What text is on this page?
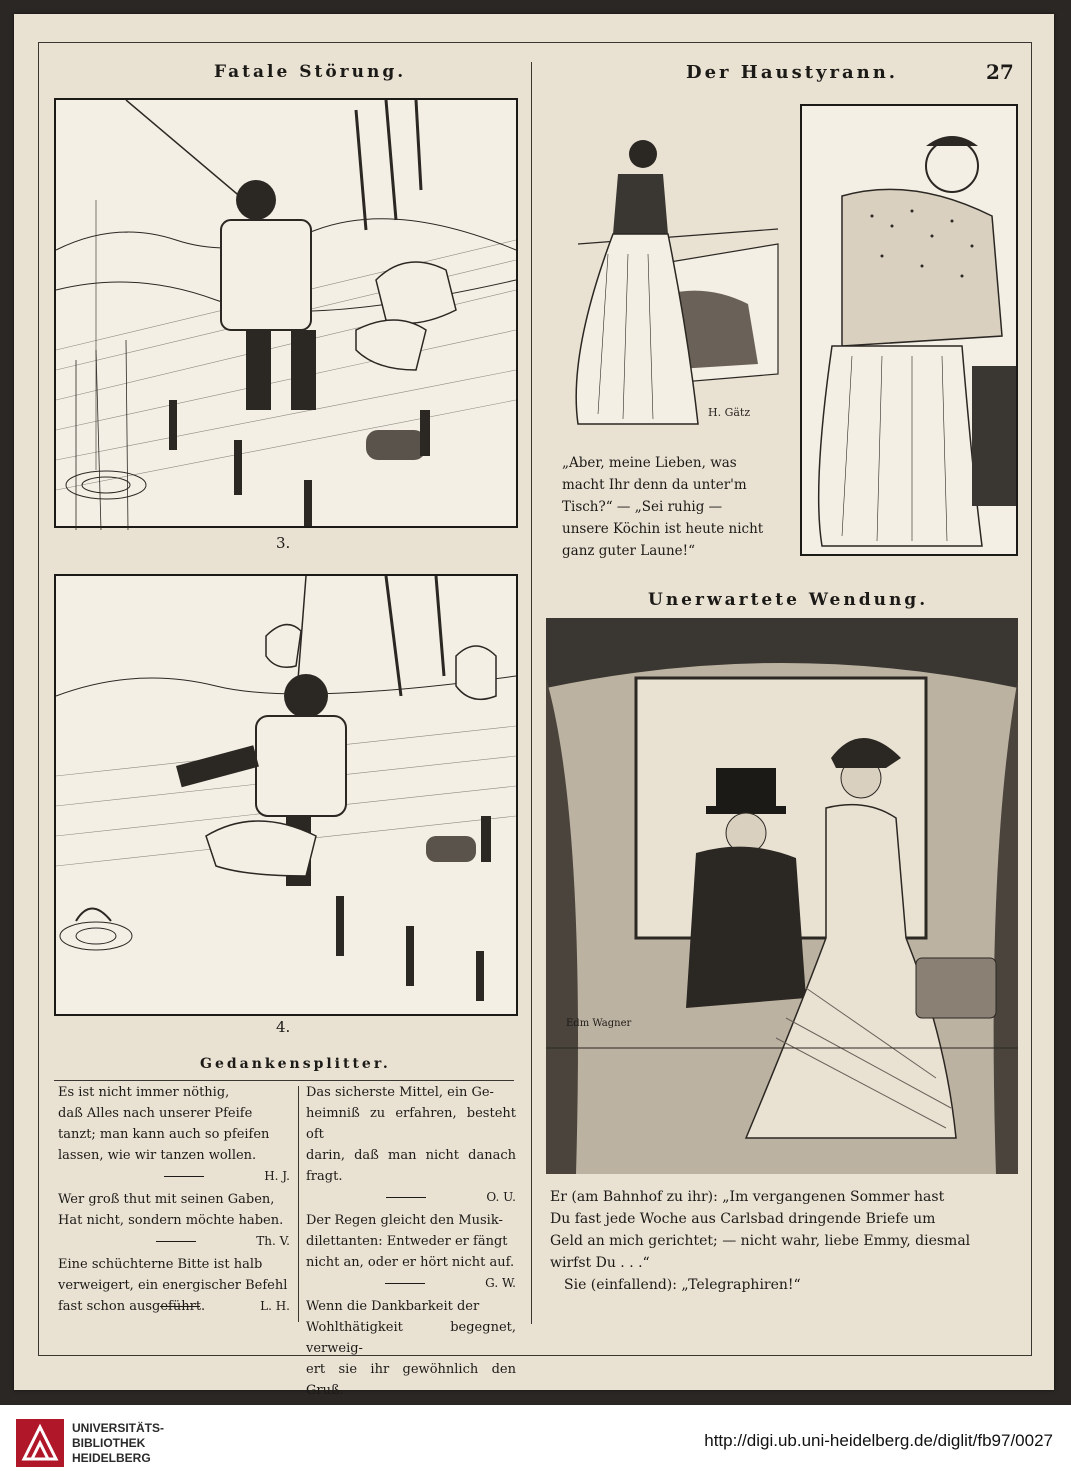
Fatale Störung.	Der Haustyrann.	27
3.
4.
H. Gätz

„Aber, meine Lieben, was

macht Ihr denn da unter'm

Tisch?“ — „Sei ruhig —

unsere Köchin ist heute nicht

ganz guter Laune!“

Unerwartete Wendung.
Edm Wagner

Er (am Bahnhof zu ihr): „Im vergangenen Sommer hast

Du fast jede Woche aus Carlsbad dringende Briefe um

Geld an mich gerichtet; — nicht wahr, liebe Emmy, diesmal

wirfst Du . . .“

Sie (einfallend): „Telegraphiren!“

Gedankensplitter.

Es ist nicht immer nöthig,
daß Alles nach unserer Pfeife
tanzt; man kann auch so pfeifen
lassen, wie wir tanzen wollen.

H. J.

Wer groß thut mit seinen Gaben,
Hat nicht, sondern möchte haben.

Th. V.

Eine schüchterne Bitte ist halb
verweigert, ein energischer Befehl
fast schon ausgeführt.	L. H.

Das sicherste Mittel, ein Ge-
heimniß zu erfahren, besteht oft
darin, daß man nicht danach fragt.

O. U.

Der Regen gleicht den Musik-
dilettanten: Entweder er fängt
nicht an, oder er hört nicht auf.

G. W.

Wenn die Dankbarkeit der
Wohlthätigkeit begegnet, verweig-
ert sie ihr gewöhnlich den Gruß.

UNIVERSITÄTS-
BIBLIOTHEK
HEIDELBERG
http://digi.ub.uni-heidelberg.de/diglit/fb97/0027
